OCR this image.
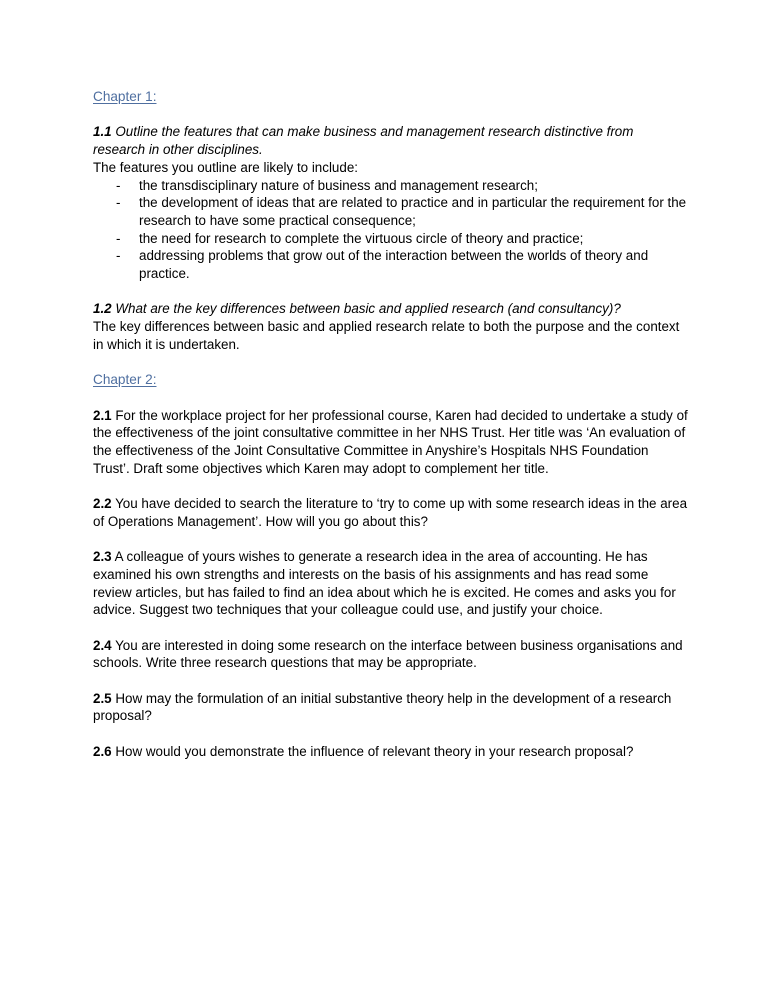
Chapter 1:

1.1 Outline the features that can make business and management research distinctive from research in other disciplines.

The features you outline are likely to include:

- the transdisciplinary nature of business and management research;
- the development of ideas that are related to practice and in particular the requirement for the research to have some practical consequence;
- the need for research to complete the virtuous circle of theory and practice;
- addressing problems that grow out of the interaction between the worlds of theory and practice.

1.2 What are the key differences between basic and applied research (and consultancy)?

The key differences between basic and applied research relate to both the purpose and the context in which it is undertaken.

Chapter 2:

2.1 For the workplace project for her professional course, Karen had decided to undertake a study of the effectiveness of the joint consultative committee in her NHS Trust. Her title was ‘An evaluation of the effectiveness of the Joint Consultative Committee in Anyshire’s Hospitals NHS Foundation Trust’. Draft some objectives which Karen may adopt to complement her title.

2.2 You have decided to search the literature to ‘try to come up with some research ideas in the area of Operations Management’. How will you go about this?

2.3 A colleague of yours wishes to generate a research idea in the area of accounting. He has examined his own strengths and interests on the basis of his assignments and has read some review articles, but has failed to find an idea about which he is excited. He comes and asks you for advice. Suggest two techniques that your colleague could use, and justify your choice.

2.4 You are interested in doing some research on the interface between business organisations and schools. Write three research questions that may be appropriate.

2.5 How may the formulation of an initial substantive theory help in the development of a research proposal?

2.6 How would you demonstrate the influence of relevant theory in your research proposal?
